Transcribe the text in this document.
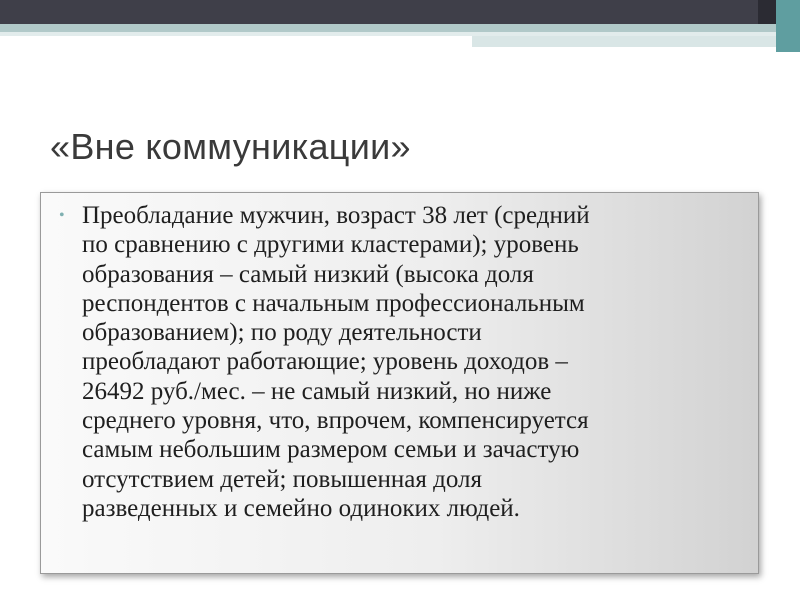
«Вне коммуникации»
• Преобладание мужчин, возраст 38 лет (средний
по сравнению с другими кластерами); уровень
образования – самый низкий (высока доля
респондентов с начальным профессиональным
образованием); по роду деятельности
преобладают работающие; уровень доходов –
26492 руб./мес. – не самый низкий, но ниже
среднего уровня, что, впрочем, компенсируется
самым небольшим размером семьи и зачастую
отсутствием детей; повышенная доля
разведенных и семейно одиноких людей.
